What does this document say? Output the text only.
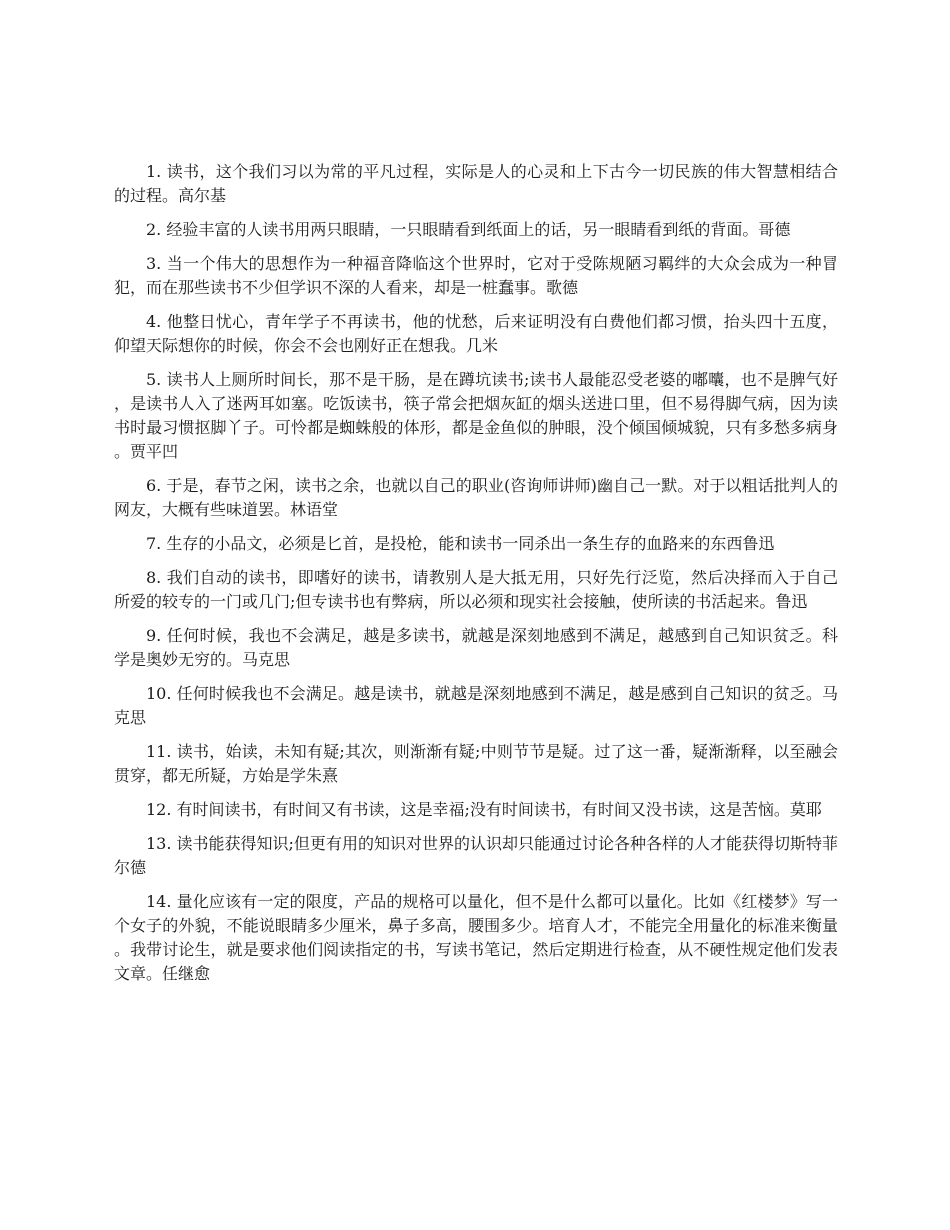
1. 读书，这个我们习以为常的平凡过程，实际是人的心灵和上下古今一切民族的伟大智慧相结合的过程。高尔基

2. 经验丰富的人读书用两只眼睛，一只眼睛看到纸面上的话，另一眼睛看到纸的背面。哥德

3. 当一个伟大的思想作为一种福音降临这个世界时，它对于受陈规陋习羁绊的大众会成为一种冒犯，而在那些读书不少但学识不深的人看来，却是一桩蠢事。歌德

4. 他整日忧心，青年学子不再读书，他的忧愁，后来证明没有白费他们都习惯，抬头四十五度，仰望天际想你的时候，你会不会也刚好正在想我。几米

5. 读书人上厕所时间长，那不是干肠，是在蹲坑读书;读书人最能忍受老婆的嘟囔，也不是脾气好，是读书人入了迷两耳如塞。吃饭读书，筷子常会把烟灰缸的烟头送进口里，但不易得脚气病，因为读书时最习惯抠脚丫子。可怜都是蜘蛛般的体形，都是金鱼似的肿眼，没个倾国倾城貌，只有多愁多病身。贾平凹

6. 于是，春节之闲，读书之余，也就以自己的职业(咨询师讲师)幽自己一默。对于以粗话批判人的网友，大概有些味道罢。林语堂

7. 生存的小品文，必须是匕首，是投枪，能和读书一同杀出一条生存的血路来的东西鲁迅

8. 我们自动的读书，即嗜好的读书，请教别人是大抵无用，只好先行泛览，然后决择而入于自己所爱的较专的一门或几门;但专读书也有弊病，所以必须和现实社会接触，使所读的书活起来。鲁迅

9. 任何时候，我也不会满足，越是多读书，就越是深刻地感到不满足，越感到自己知识贫乏。科学是奥妙无穷的。马克思

10. 任何时候我也不会满足。越是读书，就越是深刻地感到不满足，越是感到自己知识的贫乏。马克思

11. 读书，始读，未知有疑;其次，则渐渐有疑;中则节节是疑。过了这一番，疑渐渐释，以至融会贯穿，都无所疑，方始是学朱熹

12. 有时间读书，有时间又有书读，这是幸福;没有时间读书，有时间又没书读，这是苦恼。莫耶

13. 读书能获得知识;但更有用的知识对世界的认识却只能通过讨论各种各样的人才能获得切斯特菲尔德

14. 量化应该有一定的限度，产品的规格可以量化，但不是什么都可以量化。比如《红楼梦》写一个女子的外貌，不能说眼睛多少厘米，鼻子多高，腰围多少。培育人才，不能完全用量化的标准来衡量。我带讨论生，就是要求他们阅读指定的书，写读书笔记，然后定期进行检查，从不硬性规定他们发表文章。任继愈
